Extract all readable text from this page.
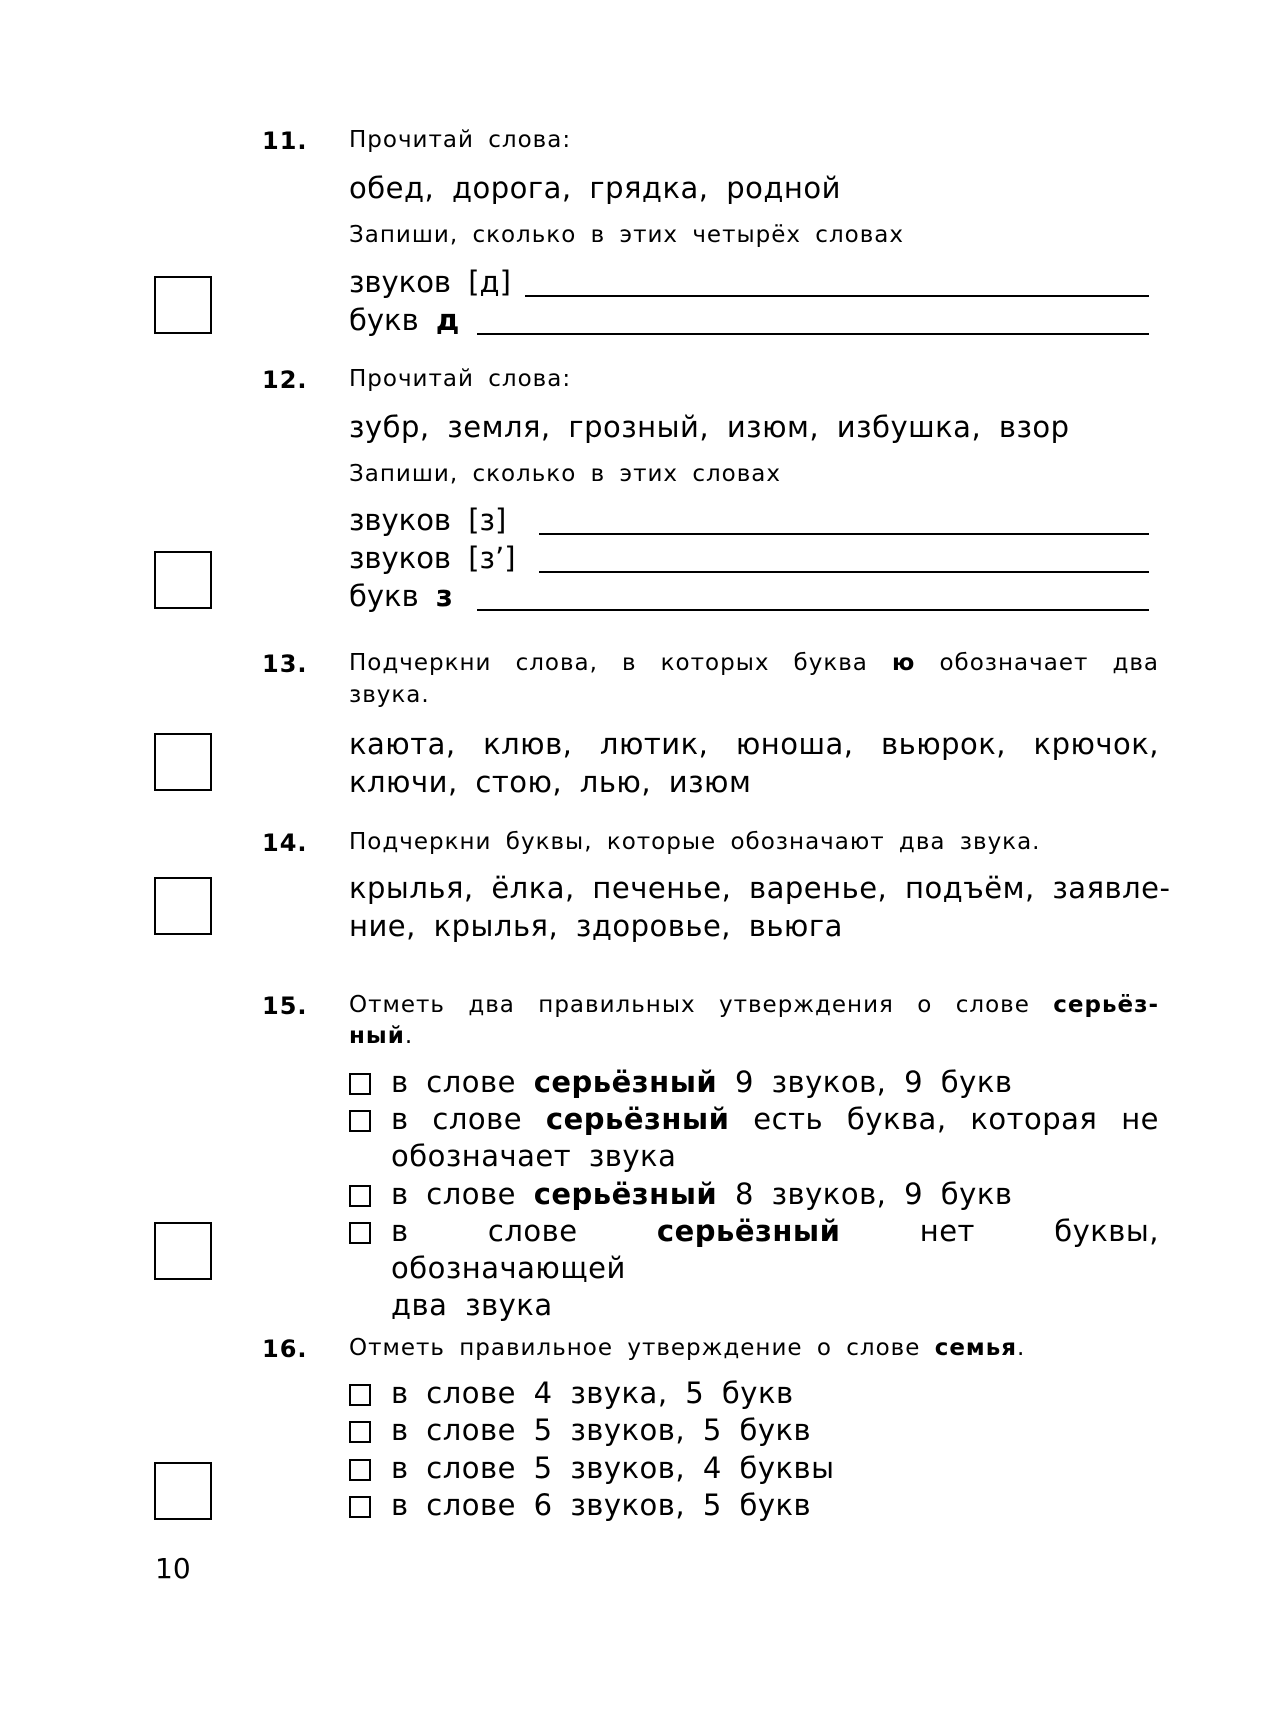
11. Прочитай слова:
обед, дорога, грядка, родной
Запиши, сколько в этих четырёх словах
звуков [д]
букв д
12. Прочитай слова:
зубр, земля, грозный, изюм, избушка, взор
Запиши, сколько в этих словах
звуков [з]
звуков [з’]
букв з
13. Подчеркни слова, в которых буква ю обозначает два
звука.
каюта, клюв, лютик, юноша, вьюрок, крючок,
ключи, стою, лью, изюм
14. Подчеркни буквы, которые обозначают два звука.
крылья, ёлка, печенье, варенье, подъём, заявле-
ние, крылья, здоровье, вьюга
15. Отметь два правильных утверждения о слове серьёз-
ный.
в слове серьёзный 9 звуков, 9 букв
в слове серьёзный есть буква, которая не
обозначает звука
в слове серьёзный 8 звуков, 9 букв
в слове	серьёзный	нет буквы, обозначающей
два звука
16. Отметь правильное утверждение о слове семья.
в слове 4 звука, 5 букв
в слове 5 звуков, 5 букв
в слове 5 звуков, 4 буквы
в слове 6 звуков, 5 букв
10
